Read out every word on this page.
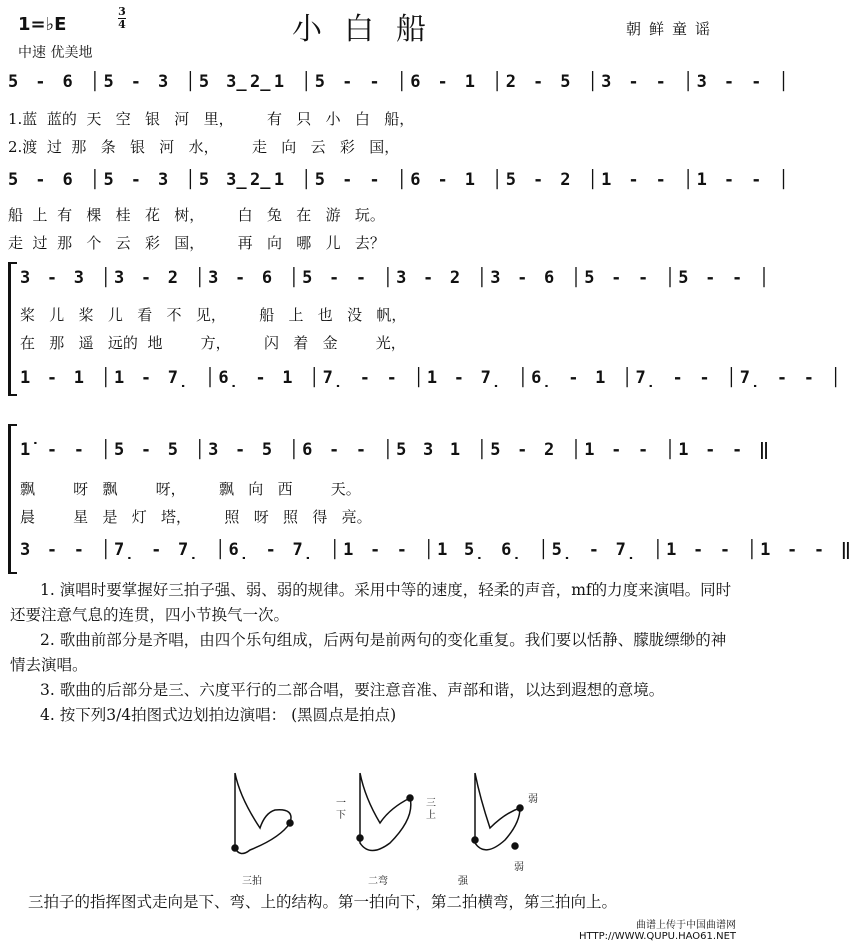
1=♭E
3
4	小白船	朝鲜童谣
中速 优美地
5 - 6 │5 - 3 │5 3̲2̲1 │5 - - │6 - 1 │2 - 5 │3 - - │3 - - │
1.蓝  蓝的  天   空   银   河   里，       有   只   小   白   船，
2.渡  过  那   条   银   河   水，       走   向   云   彩   国，
5 - 6 │5 - 3 │5 3̲2̲1 │5 - - │6 - 1 │5 - 2 │1 - - │1 - - │
船  上  有   棵   桂   花   树，       白   兔   在   游   玩。
走  过  那   个   云   彩   国，       再   向   哪   儿   去？
3 - 3 │3 - 2 │3 - 6 │5 - - │3 - 2 │3 - 6 │5 - - │5 - - │
桨   儿   桨   儿   看   不   见，       船   上   也   没   帆，
在   那   遥   远的  地        方，       闪   着   金        光，
1 - 1 │1 - 7̣ │6̣ - 1 │7̣ - - │1 - 7̣ │6̣ - 1 │7̣ - - │7̣ - - │
1̇ - - │5 - 5 │3 - 5 │6 - - │5 3 1 │5 - 2 │1 - - │1 - - ‖
飘        呀   飘        呀，       飘   向   西        天。
晨        星   是   灯   塔，       照   呀   照   得   亮。
3 - - │7̣ - 7̣ │6̣ - 7̣ │1 - - │1 5̣ 6̣ │5̣ - 7̣ │1 - - │1 - - ‖
1. 演唱时要掌握好三拍子强、弱、弱的规律。采用中等的速度，轻柔的声音，mf的力度来演唱。同时还要注意气息的连贯，四小节换气一次。
2. 歌曲前部分是齐唱，由四个乐句组成，后两句是前两句的变化重复。我们要以恬静、朦胧缥缈的神情去演唱。
3. 歌曲的后部分是三、六度平行的二部合唱，要注意音准、声部和谐，以达到遐想的意境。
4. 按下列3/4拍图式边划拍边演唱： (黑圆点是拍点)
一下
三上
三拍	二弯	强
弱
弱
三拍子的指挥图式走向是下、弯、上的结构。第一拍向下，第二拍横弯，第三拍向上。
曲谱上传于中国曲谱网
HTTP://WWW.QUPU.HAO61.NET
